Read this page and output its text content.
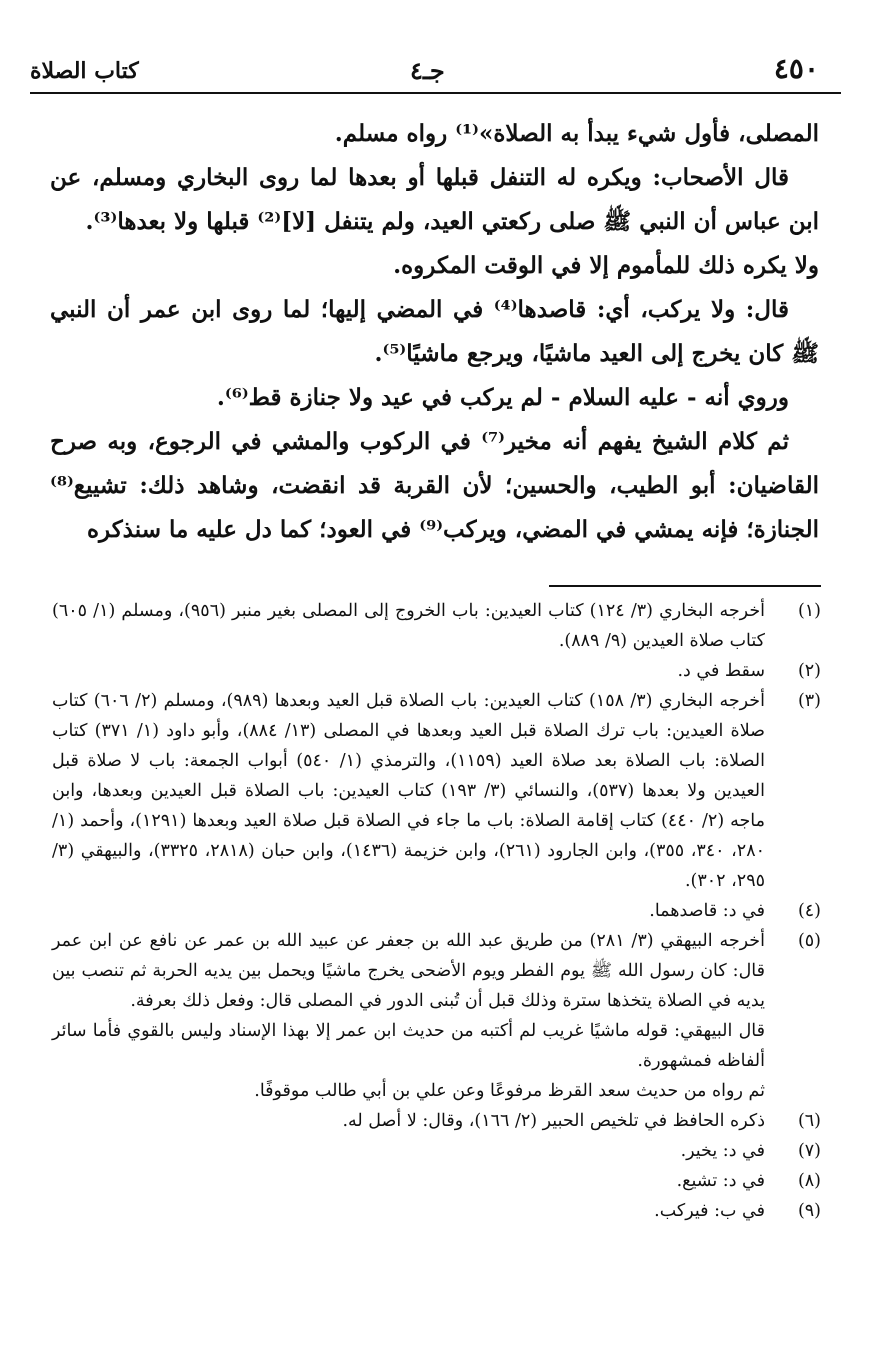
٤٥٠
جـ٤
كتاب الصلاة

المصلى، فأول شيء يبدأ به الصلاة»⁽¹⁾ رواه مسلم.

قال الأصحاب: ويكره له التنفل قبلها أو بعدها لما روى البخاري ومسلم، عن ابن عباس أن النبي ﷺ صلى ركعتي العيد، ولم يتنفل [لا]⁽²⁾ قبلها ولا بعدها⁽³⁾.

ولا يكره ذلك للمأموم إلا في الوقت المكروه.

قال: ولا يركب، أي: قاصدها⁽⁴⁾ في المضي إليها؛ لما روى ابن عمر أن النبي ﷺ كان يخرج إلى العيد ماشيًا، ويرجع ماشيًا⁽⁵⁾.

وروي أنه - عليه السلام - لم يركب في عيد ولا جنازة قط⁽⁶⁾.

ثم كلام الشيخ يفهم أنه مخير⁽⁷⁾ في الركوب والمشي في الرجوع، وبه صرح القاضيان: أبو الطيب، والحسين؛ لأن القربة قد انقضت، وشاهد ذلك: تشييع⁽⁸⁾ الجنازة؛ فإنه يمشي في المضي، ويركب⁽⁹⁾ في العود؛ كما دل عليه ما سنذكره

(١)
أخرجه البخاري (٣/ ١٢٤) كتاب العيدين: باب الخروج إلى المصلى بغير منبر (٩٥٦)، ومسلم (١/ ٦٠٥) كتاب صلاة العيدين (٩/ ٨٨٩).
(٢)
سقط في د.
(٣)
أخرجه البخاري (٣/ ١٥٨) كتاب العيدين: باب الصلاة قبل العيد وبعدها (٩٨٩)، ومسلم (٢/ ٦٠٦) كتاب صلاة العيدين: باب ترك الصلاة قبل العيد وبعدها في المصلى (١٣/ ٨٨٤)، وأبو داود (١/ ٣٧١) كتاب الصلاة: باب الصلاة بعد صلاة العيد (١١٥٩)، والترمذي (١/ ٥٤٠) أبواب الجمعة: باب لا صلاة قبل العيدين ولا بعدها (٥٣٧)، والنسائي (٣/ ١٩٣) كتاب العيدين: باب الصلاة قبل العيدين وبعدها، وابن ماجه (٢/ ٤٤٠) كتاب إقامة الصلاة: باب ما جاء في الصلاة قبل صلاة العيد وبعدها (١٢٩١)، وأحمد (١/ ٢٨٠، ٣٤٠، ٣٥٥)، وابن الجارود (٢٦١)، وابن خزيمة (١٤٣٦)، وابن حبان (٢٨١٨، ٣٣٢٥)، والبيهقي (٣/ ٢٩٥، ٣٠٢).
(٤)
في د: قاصدهما.
(٥)
أخرجه البيهقي (٣/ ٢٨١) من طريق عبد الله بن جعفر عن عبيد الله بن عمر عن نافع عن ابن عمر قال: كان رسول الله ﷺ يوم الفطر ويوم الأضحى يخرج ماشيًا ويحمل بين يديه الحربة ثم تنصب بين يديه في الصلاة يتخذها سترة وذلك قبل أن تُبنى الدور في المصلى قال: وفعل ذلك بعرفة.
قال البيهقي: قوله ماشيًا غريب لم أكتبه من حديث ابن عمر إلا بهذا الإسناد وليس بالقوي فأما سائر ألفاظه فمشهورة.
ثم رواه من حديث سعد القرظ مرفوعًا وعن علي بن أبي طالب موقوفًا.
(٦)
ذكره الحافظ في تلخيص الحبير (٢/ ١٦٦)، وقال: لا أصل له.
(٧)
في د: يخير.
(٨)
في د: تشيع.
(٩)
في ب: فيركب.
